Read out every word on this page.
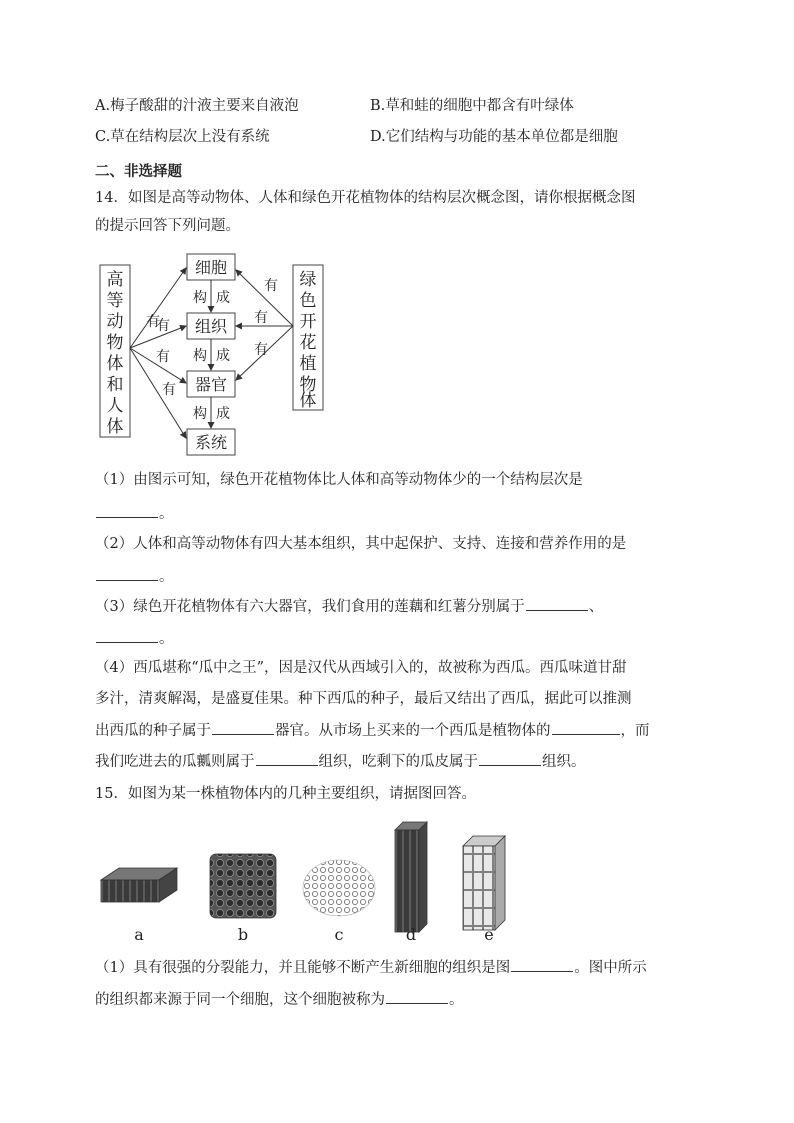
A.梅子酸甜的汁液主要来自液泡	B.草和蛙的细胞中都含有叶绿体
C.草在结构层次上没有系统	D.它们结构与功能的基本单位都是细胞
二、非选择题
14．如图是高等动物体、人体和绿色开花植物体的结构层次概念图，请你根据概念图
的提示回答下列问题。
高
等
动
物
体
和
人
体
绿
色
开
花
植
物
体
细胞
组织
器官
系统
构 成
构 成
构 成
有
有
有
有
有
有
有
（1）由图示可知，绿色开花植物体比人体和高等动物体少的一个结构层次是
。
（2）人体和高等动物体有四大基本组织，其中起保护、支持、连接和营养作用的是
。
（3）绿色开花植物体有六大器官，我们食用的莲藕和红薯分别属于	、
。
（4）西瓜堪称“瓜中之王”，因是汉代从西域引入的，故被称为西瓜。西瓜味道甘甜
多汁，清爽解渴，是盛夏佳果。种下西瓜的种子，最后又结出了西瓜，据此可以推测
出西瓜的种子属于	器官。从市场上买来的一个西瓜是植物体的	，而
我们吃进去的瓜瓤则属于	组织，吃剩下的瓜皮属于	组织。
15．如图为某一株植物体内的几种主要组织，请据图回答。
a	b	c	d	e
（1）具有很强的分裂能力，并且能够不断产生新细胞的组织是图	。图中所示
的组织都来源于同一个细胞，这个细胞被称为	。
